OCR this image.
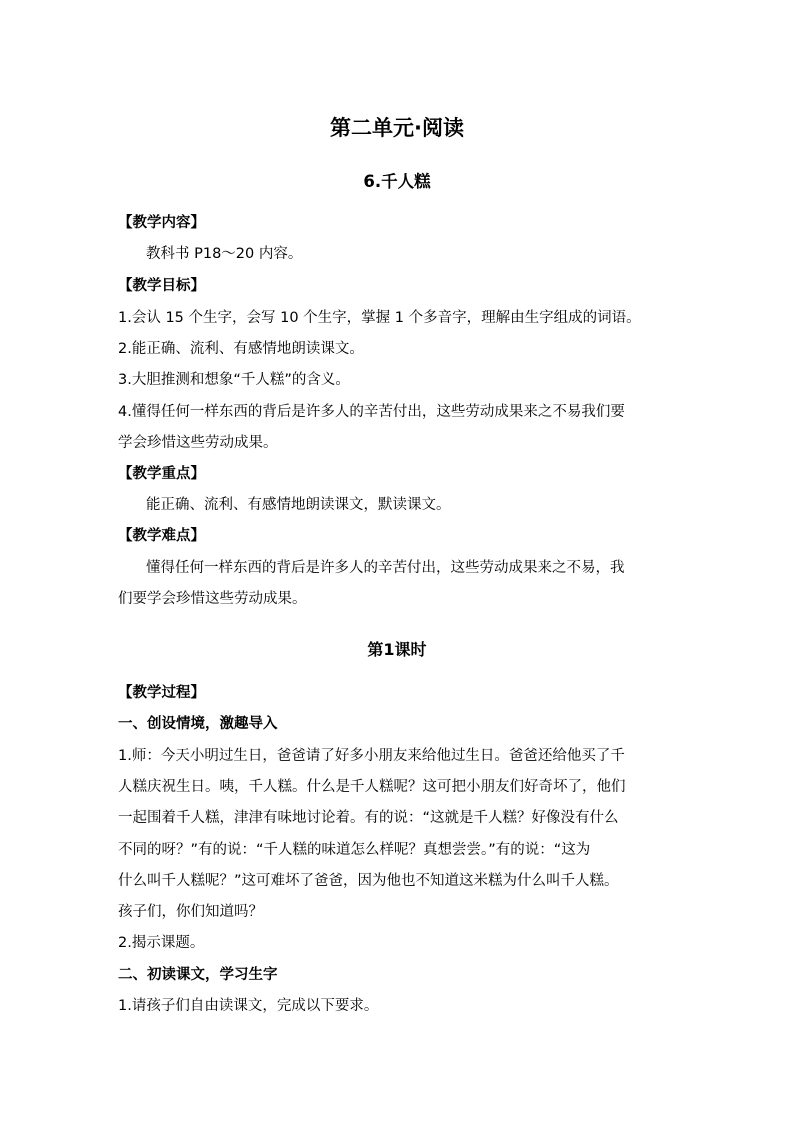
第二单元·阅读
6.千人糕
【教学内容】
教科书 P18～20 内容。
【教学目标】
1.会认 15 个生字，会写 10 个生字，掌握 1 个多音字，理解由生字组成的词语。
2.能正确、流利、有感情地朗读课文。
3.大胆推测和想象“千人糕”的含义。
4.懂得任何一样东西的背后是许多人的辛苦付出，这些劳动成果来之不易我们要
学会珍惜这些劳动成果。
【教学重点】
能正确、流利、有感情地朗读课文，默读课文。
【教学难点】
懂得任何一样东西的背后是许多人的辛苦付出，这些劳动成果来之不易，我
们要学会珍惜这些劳动成果。
第1课时
【教学过程】
一、创设情境，激趣导入
1.师：今天小明过生日，爸爸请了好多小朋友来给他过生日。爸爸还给他买了千
人糕庆祝生日。咦，千人糕。什么是千人糕呢？这可把小朋友们好奇坏了，他们
一起围着千人糕，津津有味地讨论着。有的说：“这就是千人糕？好像没有什么
不同的呀？”有的说：“千人糕的味道怎么样呢？真想尝尝。”有的说：“这为
什么叫千人糕呢？”这可难坏了爸爸，因为他也不知道这米糕为什么叫千人糕。
孩子们，你们知道吗？
2.揭示课题。
二、初读课文，学习生字
1.请孩子们自由读课文，完成以下要求。
